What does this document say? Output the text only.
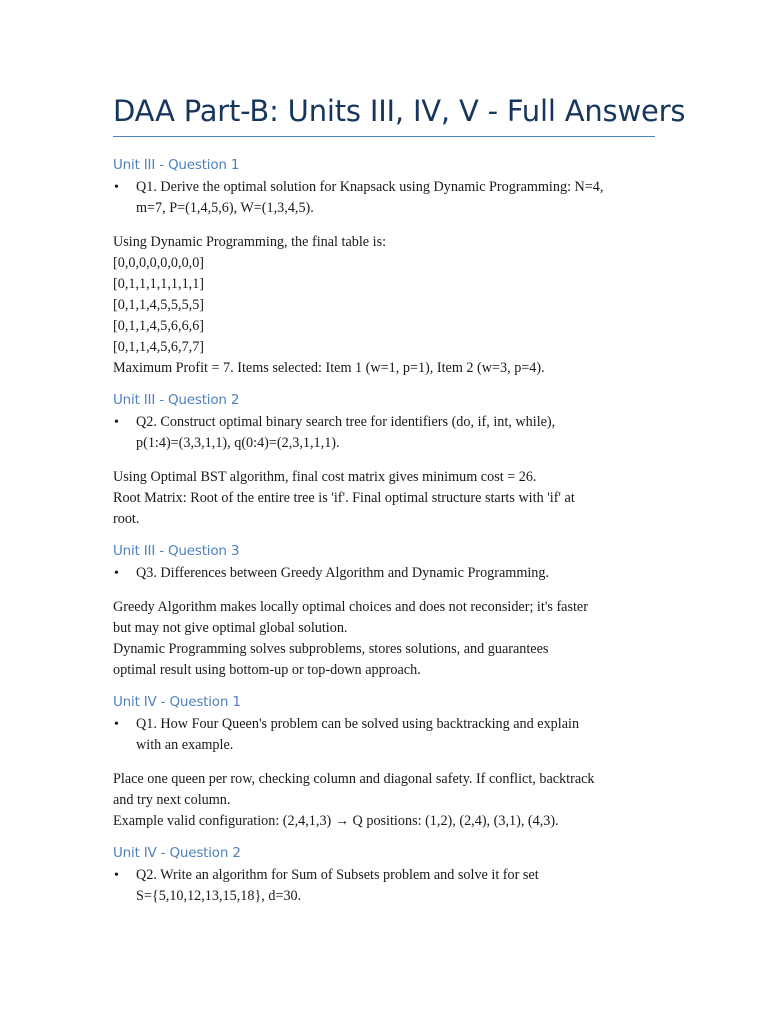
DAA Part-B: Units III, IV, V - Full Answers
Unit III - Question 1
• Q1. Derive the optimal solution for Knapsack using Dynamic Programming: N=4,
m=7, P=(1,4,5,6), W=(1,3,4,5).
Using Dynamic Programming, the final table is:
[0,0,0,0,0,0,0,0]
[0,1,1,1,1,1,1,1]
[0,1,1,4,5,5,5,5]
[0,1,1,4,5,6,6,6]
[0,1,1,4,5,6,7,7]
Maximum Profit = 7. Items selected: Item 1 (w=1, p=1), Item 2 (w=3, p=4).
Unit III - Question 2
• Q2. Construct optimal binary search tree for identifiers (do, if, int, while),
p(1:4)=(3,3,1,1), q(0:4)=(2,3,1,1,1).
Using Optimal BST algorithm, final cost matrix gives minimum cost = 26.
Root Matrix: Root of the entire tree is 'if'. Final optimal structure starts with 'if' at
root.
Unit III - Question 3
• Q3. Differences between Greedy Algorithm and Dynamic Programming.
Greedy Algorithm makes locally optimal choices and does not reconsider; it's faster
but may not give optimal global solution.
Dynamic Programming solves subproblems, stores solutions, and guarantees
optimal result using bottom-up or top-down approach.
Unit IV - Question 1
• Q1. How Four Queen's problem can be solved using backtracking and explain
with an example.
Place one queen per row, checking column and diagonal safety. If conflict, backtrack
and try next column.
Example valid configuration: (2,4,1,3) → Q positions: (1,2), (2,4), (3,1), (4,3).
Unit IV - Question 2
• Q2. Write an algorithm for Sum of Subsets problem and solve it for set
S={5,10,12,13,15,18}, d=30.
